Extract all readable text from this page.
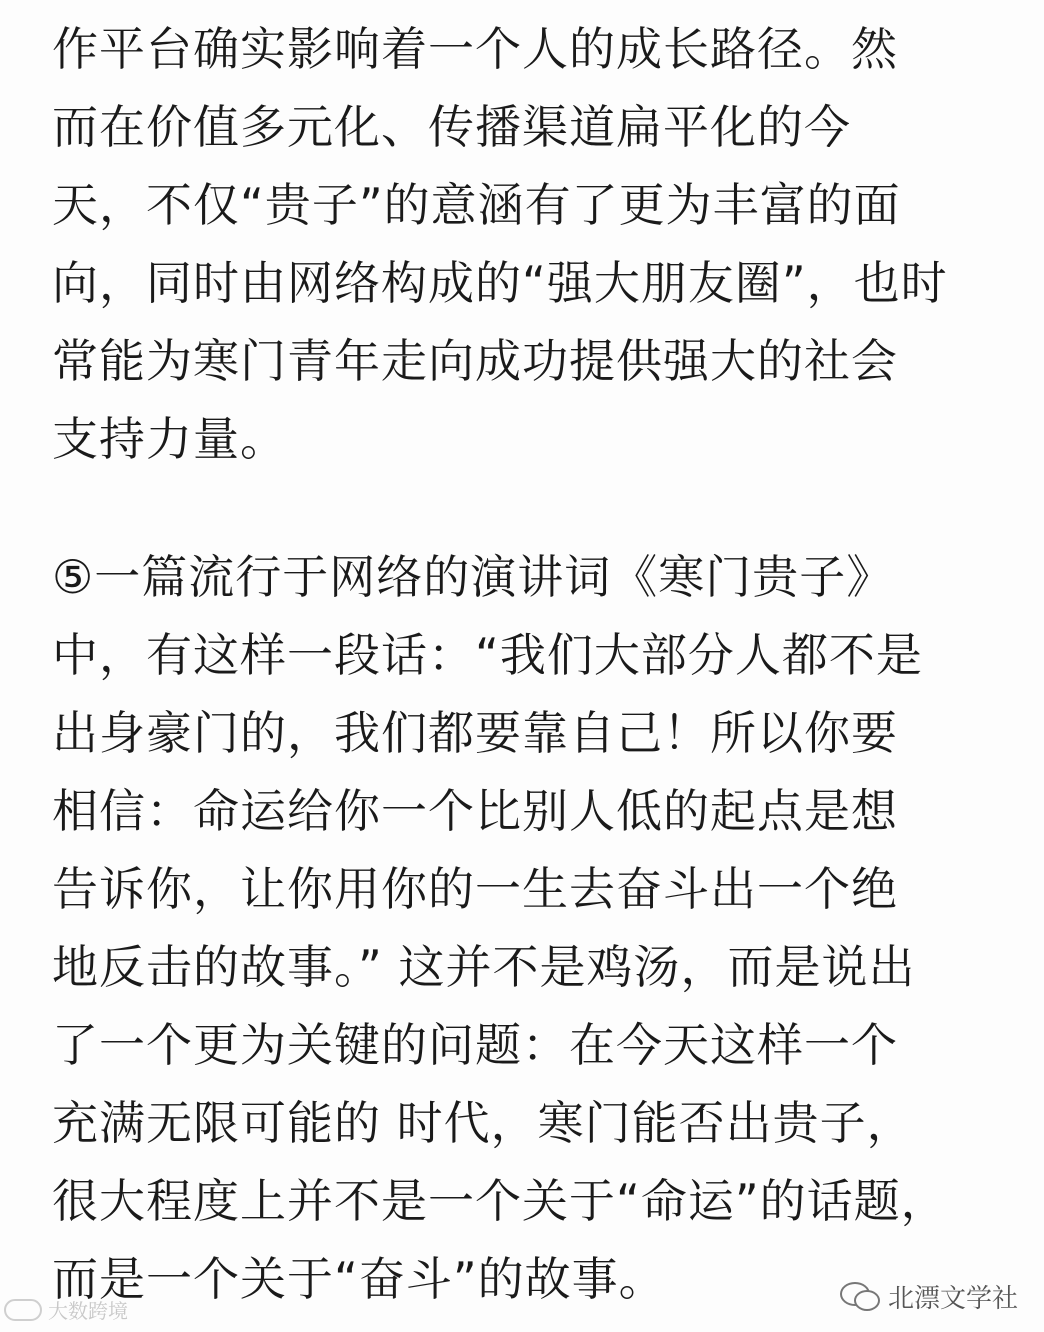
作平台确实影响着一个人的成长路径。然
而在价值多元化、传播渠道扁平化的今
天，不仅“贵子”的意涵有了更为丰富的面
向，同时由网络构成的“强大朋友圈”，也时
常能为寒门青年走向成功提供强大的社会
支持力量。
⑤一篇流行于网络的演讲词《寒门贵子》
中，有这样一段话：“我们大部分人都不是
出身豪门的，我们都要靠自己！所以你要
相信：命运给你一个比别人低的起点是想
告诉你，让你用你的一生去奋斗出一个绝
地反击的故事。” 这并不是鸡汤，而是说出
了一个更为关键的问题：在今天这样一个
充满无限可能的 时代，寒门能否出贵子，
很大程度上并不是一个关于“命运”的话题，
而是一个关于“奋斗”的故事。
大数跨境	北漂文学社
